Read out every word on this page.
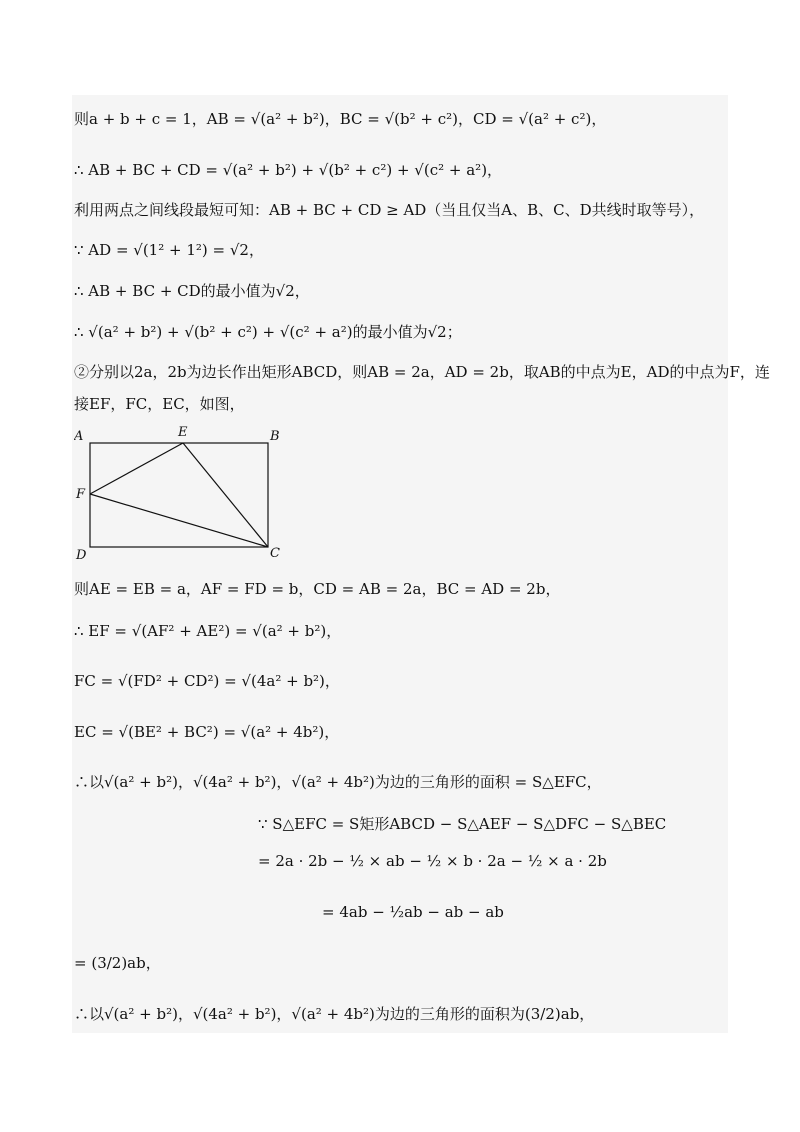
则a + b + c = 1，AB = √(a² + b²)，BC = √(b² + c²)，CD = √(a² + c²)，
∴ AB + BC + CD = √(a² + b²) + √(b² + c²) + √(c² + a²)，
利用两点之间线段最短可知：AB + BC + CD ≥ AD（当且仅当A、B、C、D共线时取等号），
∵ AD = √(1² + 1²) = √2，
∴ AB + BC + CD的最小值为√2，
∴ √(a² + b²) + √(b² + c²) + √(c² + a²)的最小值为√2；
②分别以2a，2b为边长作出矩形ABCD，则AB = 2a，AD = 2b，取AB的中点为E，AD的中点为F，连
接EF，FC，EC，如图，
A	B
C
D
E
F
则AE = EB = a，AF = FD = b，CD = AB = 2a，BC = AD = 2b，
∴ EF = √(AF² + AE²) = √(a² + b²)，
FC = √(FD² + CD²) = √(4a² + b²)，
EC = √(BE² + BC²) = √(a² + 4b²)，
∴以√(a² + b²)，√(4a² + b²)，√(a² + 4b²)为边的三角形的面积 = S△EFC，
∵ S△EFC = S矩形ABCD − S△AEF − S△DFC − S△BEC
= 2a · 2b − ½ × ab − ½ × b · 2a − ½ × a · 2b
= 4ab − ½ab − ab − ab
= (3/2)ab，
∴以√(a² + b²)，√(4a² + b²)，√(a² + 4b²)为边的三角形的面积为(3/2)ab，
